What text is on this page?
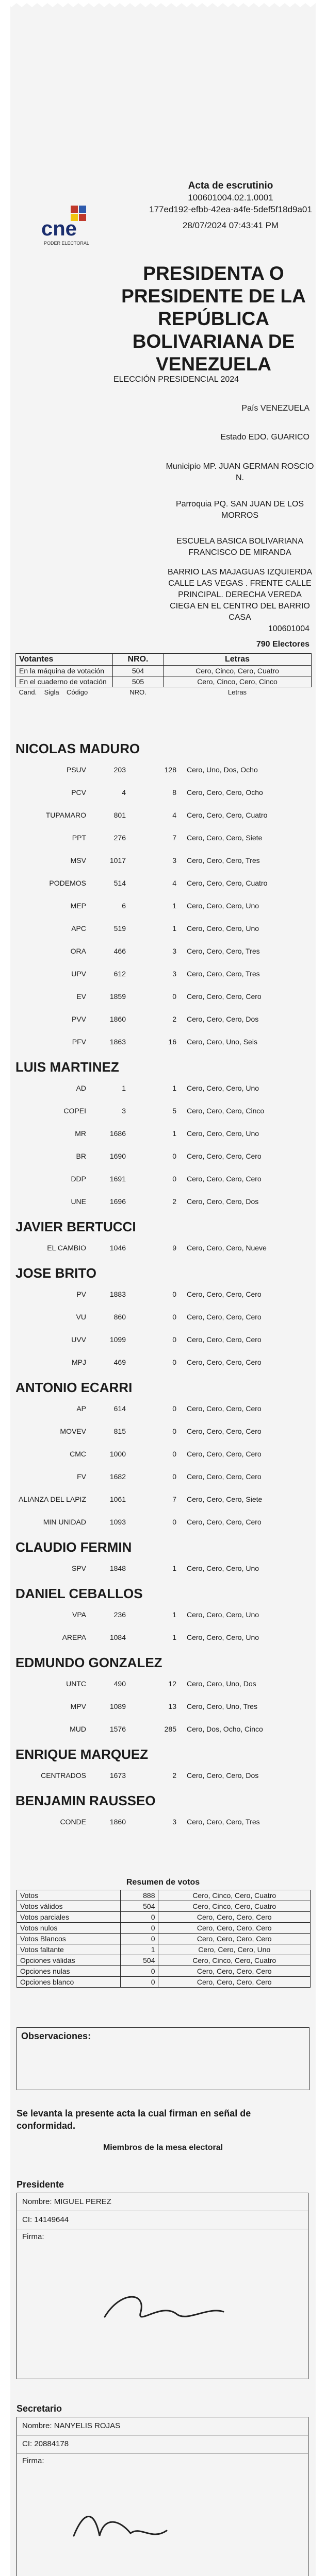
cne
PODER ELECTORAL
Acta de escrutinio
100601004.02.1.0001
177ed192-efbb-42ea-a4fe-5def5f18d9a01
28/07/2024 07:43:41 PM
PRESIDENTA O PRESIDENTE DE LA REPÚBLICA BOLIVARIANA DE VENEZUELA
ELECCIÓN PRESIDENCIAL 2024
País VENEZUELA
Estado EDO. GUARICO
Municipio MP. JUAN GERMAN ROSCIO N.
Parroquia PQ. SAN JUAN DE LOS MORROS
ESCUELA BASICA BOLIVARIANA FRANCISCO DE MIRANDA
BARRIO LAS MAJAGUAS IZQUIERDA CALLE LAS VEGAS . FRENTE CALLE PRINCIPAL. DERECHA VEREDA CIEGA EN EL CENTRO DEL BARRIO CASA
100601004
790 Electores
Votantes	NRO.	Letras
En la máquina de votación	504	Cero, Cinco, Cero, Cuatro
En el cuaderno de votación	505	Cero, Cinco, Cero, Cinco
Cand. Sigla Código	NRO.	Letras
NICOLAS MADURO
PSUV	203	128 Cero, Uno, Dos, Ocho
PCV	4	8 Cero, Cero, Cero, Ocho
TUPAMARO	801	4 Cero, Cero, Cero, Cuatro
PPT	276	7 Cero, Cero, Cero, Siete
MSV	1017	3 Cero, Cero, Cero, Tres
PODEMOS	514	4 Cero, Cero, Cero, Cuatro
MEP	6	1 Cero, Cero, Cero, Uno
APC	519	1 Cero, Cero, Cero, Uno
ORA	466	3 Cero, Cero, Cero, Tres
UPV	612	3 Cero, Cero, Cero, Tres
EV	1859	0 Cero, Cero, Cero, Cero
PVV	1860	2 Cero, Cero, Cero, Dos
PFV	1863	16 Cero, Cero, Uno, Seis
LUIS MARTINEZ
AD	1	1 Cero, Cero, Cero, Uno
COPEI	3	5 Cero, Cero, Cero, Cinco
MR	1686	1 Cero, Cero, Cero, Uno
BR	1690	0 Cero, Cero, Cero, Cero
DDP	1691	0 Cero, Cero, Cero, Cero
UNE	1696	2 Cero, Cero, Cero, Dos
JAVIER BERTUCCI
EL CAMBIO	1046	9 Cero, Cero, Cero, Nueve
JOSE BRITO
PV	1883	0 Cero, Cero, Cero, Cero
VU	860	0 Cero, Cero, Cero, Cero
UVV	1099	0 Cero, Cero, Cero, Cero
MPJ	469	0 Cero, Cero, Cero, Cero
ANTONIO ECARRI
AP	614	0 Cero, Cero, Cero, Cero
MOVEV	815	0 Cero, Cero, Cero, Cero
CMC	1000	0 Cero, Cero, Cero, Cero
FV	1682	0 Cero, Cero, Cero, Cero
ALIANZA DEL LAPIZ	1061	7 Cero, Cero, Cero, Siete
MIN UNIDAD	1093	0 Cero, Cero, Cero, Cero
CLAUDIO FERMIN
SPV	1848	1 Cero, Cero, Cero, Uno
DANIEL CEBALLOS
VPA	236	1 Cero, Cero, Cero, Uno
AREPA	1084	1 Cero, Cero, Cero, Uno
EDMUNDO GONZALEZ
UNTC	490	12 Cero, Cero, Uno, Dos
MPV	1089	13 Cero, Cero, Uno, Tres
MUD	1576	285 Cero, Dos, Ocho, Cinco
ENRIQUE MARQUEZ
CENTRADOS	1673	2 Cero, Cero, Cero, Dos
BENJAMIN RAUSSEO
CONDE	1860	3 Cero, Cero, Cero, Tres
Resumen de votos
Votos	888	Cero, Cinco, Cero, Cuatro
Votos válidos	504	Cero, Cinco, Cero, Cuatro
Votos parciales	0	Cero, Cero, Cero, Cero
Votos nulos	0	Cero, Cero, Cero, Cero
Votos Blancos	0	Cero, Cero, Cero, Cero
Votos faltante	1	Cero, Cero, Cero, Uno
Opciones válidas	504	Cero, Cinco, Cero, Cuatro
Opciones nulas	0	Cero, Cero, Cero, Cero
Opciones blanco	0	Cero, Cero, Cero, Cero
Observaciones:
Se levanta la presente acta la cual firman en señal de conformidad.
Miembros de la mesa electoral
Presidente
Nombre: MIGUEL PEREZ
CI: 14149644
Firma:
Secretario
Nombre: NANYELIS ROJAS
CI: 20884178
Firma:
